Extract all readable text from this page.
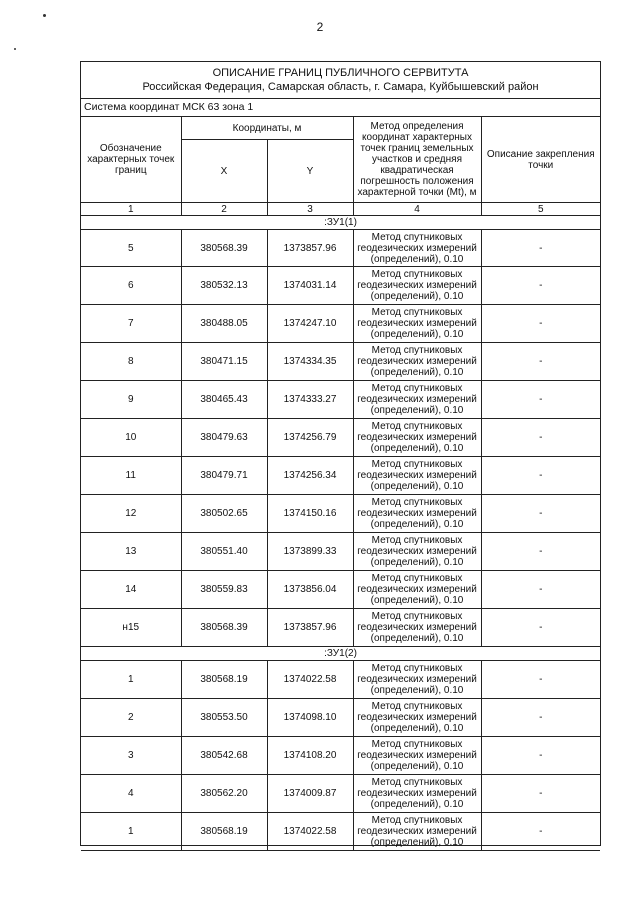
2
ОПИСАНИЕ ГРАНИЦ ПУБЛИЧНОГО СЕРВИТУТА
Российская Федерация, Самарская область, г. Самара, Куйбышевский район
Система координат МСК 63 зона 1
Обозначение характерных точек границ	Координаты, м		Метод определения координат характерных точек границ земельных участков и средняя квадратическая погрешность положения характерной точки (Mt), м	Описание закрепления точки
	X	Y		
1	2	3	4	5
:ЗУ1(1)				
5	380568.39	1373857.96	Метод спутниковых геодезических измерений (определений), 0.10	-
6	380532.13	1374031.14	Метод спутниковых геодезических измерений (определений), 0.10	-
7	380488.05	1374247.10	Метод спутниковых геодезических измерений (определений), 0.10	-
8	380471.15	1374334.35	Метод спутниковых геодезических измерений (определений), 0.10	-
9	380465.43	1374333.27	Метод спутниковых геодезических измерений (определений), 0.10	-
10	380479.63	1374256.79	Метод спутниковых геодезических измерений (определений), 0.10	-
11	380479.71	1374256.34	Метод спутниковых геодезических измерений (определений), 0.10	-
12	380502.65	1374150.16	Метод спутниковых геодезических измерений (определений), 0.10	-
13	380551.40	1373899.33	Метод спутниковых геодезических измерений (определений), 0.10	-
14	380559.83	1373856.04	Метод спутниковых геодезических измерений (определений), 0.10	-
н15	380568.39	1373857.96	Метод спутниковых геодезических измерений (определений), 0.10	-
:ЗУ1(2)				
1	380568.19	1374022.58	Метод спутниковых геодезических измерений (определений), 0.10	-
2	380553.50	1374098.10	Метод спутниковых геодезических измерений (определений), 0.10	-
3	380542.68	1374108.20	Метод спутниковых геодезических измерений (определений), 0.10	-
4	380562.20	1374009.87	Метод спутниковых геодезических измерений (определений), 0.10	-
1	380568.19	1374022.58	Метод спутниковых геодезических измерений (определений), 0.10	-
